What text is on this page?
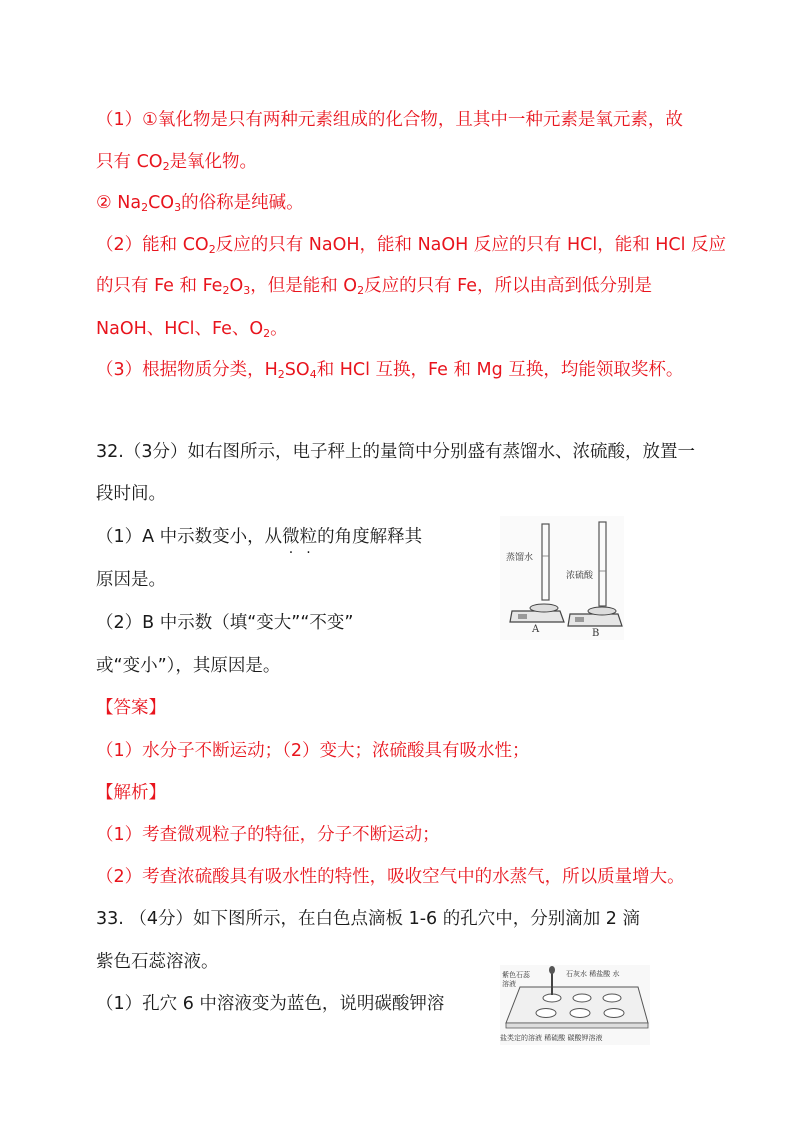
（1）①氧化物是只有两种元素组成的化合物，且其中一种元素是氧元素，故
只有 $CO_2$是氧化物。
② $Na_2CO_3$的俗称是纯碱。
（2）能和 $CO_2$反应的只有 NaOH，能和 NaOH 反应的只有 HCl，能和 HCl 反应
的只有 Fe 和 $Fe_2O_3$，但是能和 $O_2$反应的只有 Fe，所以由高到低分别是
NaOH、HCl、Fe、$O_2$。
（3）根据物质分类，$H_2SO_4$和 HCl 互换，Fe 和 Mg 互换，均能领取奖杯。
32.（3分）如右图所示，电子秤上的量筒中分别盛有蒸馏水、浓硫酸，放置一
段时间。
（1）A 中示数变小，从微粒的角度解释其
原因是。
（2）B 中示数（填“变大”“不变”
或“变小”），其原因是。
【答案】
（1）水分子不断运动；（2）变大；浓硫酸具有吸水性；
【解析】
（1）考查微观粒子的特征，分子不断运动；
（2）考查浓硫酸具有吸水性的特性，吸收空气中的水蒸气，所以质量增大。
蒸馏水
浓硫酸
A	B
33. （4分）如下图所示，在白色点滴板 1-6 的孔穴中，分别滴加 2 滴
紫色石蕊溶液。
（1）孔穴 6 中溶液变为蓝色，说明碳酸钾溶
紫色石蕊溶液
石灰水 稀盐酸 水
盐类定的溶液 稀硫酸 碳酸钾溶液
